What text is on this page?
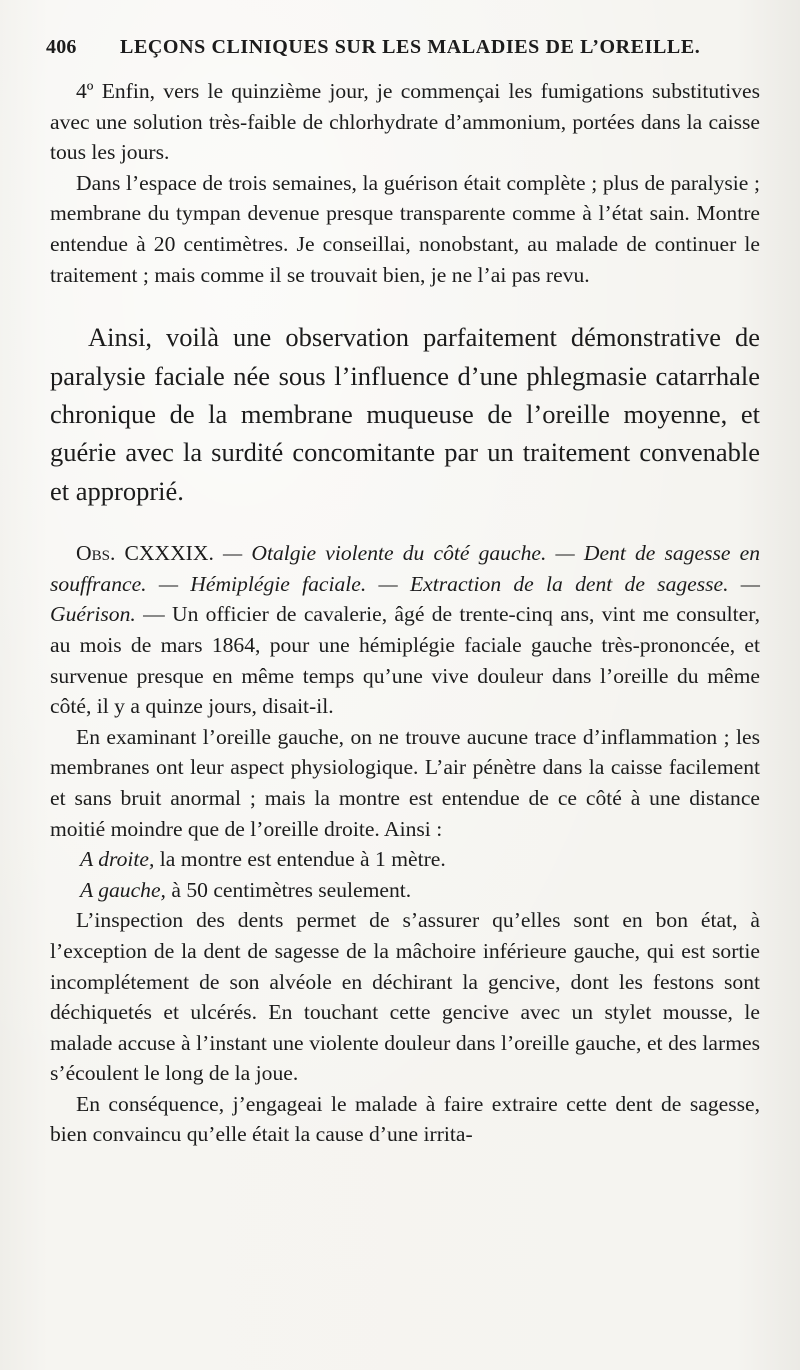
406 LEÇONS CLINIQUES SUR LES MALADIES DE L’OREILLE.

4º Enfin, vers le quinzième jour, je commençai les fumigations substitutives avec une solution très-faible de chlorhydrate d’ammonium, portées dans la caisse tous les jours.

Dans l’espace de trois semaines, la guérison était complète ; plus de paralysie ; membrane du tympan devenue presque transparente comme à l’état sain. Montre entendue à 20 centimètres. Je conseillai, nonobstant, au malade de continuer le traitement ; mais comme il se trouvait bien, je ne l’ai pas revu.

Ainsi, voilà une observation parfaitement démonstrative de paralysie faciale née sous l’influence d’une phlegmasie catarrhale chronique de la membrane muqueuse de l’oreille moyenne, et guérie avec la surdité concomitante par un traitement convenable et approprié.

Obs. CXXXIX. — Otalgie violente du côté gauche. — Dent de sagesse en souffrance. — Hémiplégie faciale. — Extraction de la dent de sagesse. — Guérison. — Un officier de cavalerie, âgé de trente-cinq ans, vint me consulter, au mois de mars 1864, pour une hémiplégie faciale gauche très-prononcée, et survenue presque en même temps qu’une vive douleur dans l’oreille du même côté, il y a quinze jours, disait-il.

En examinant l’oreille gauche, on ne trouve aucune trace d’inflammation ; les membranes ont leur aspect physiologique. L’air pénètre dans la caisse facilement et sans bruit anormal ; mais la montre est entendue de ce côté à une distance moitié moindre que de l’oreille droite. Ainsi :

A droite, la montre est entendue à 1 mètre.

A gauche, à 50 centimètres seulement.

L’inspection des dents permet de s’assurer qu’elles sont en bon état, à l’exception de la dent de sagesse de la mâchoire inférieure gauche, qui est sortie incomplétement de son alvéole en déchirant la gencive, dont les festons sont déchiquetés et ulcérés. En touchant cette gencive avec un stylet mousse, le malade accuse à l’instant une violente douleur dans l’oreille gauche, et des larmes s’écoulent le long de la joue.

En conséquence, j’engageai le malade à faire extraire cette dent de sagesse, bien convaincu qu’elle était la cause d’une irrita-
